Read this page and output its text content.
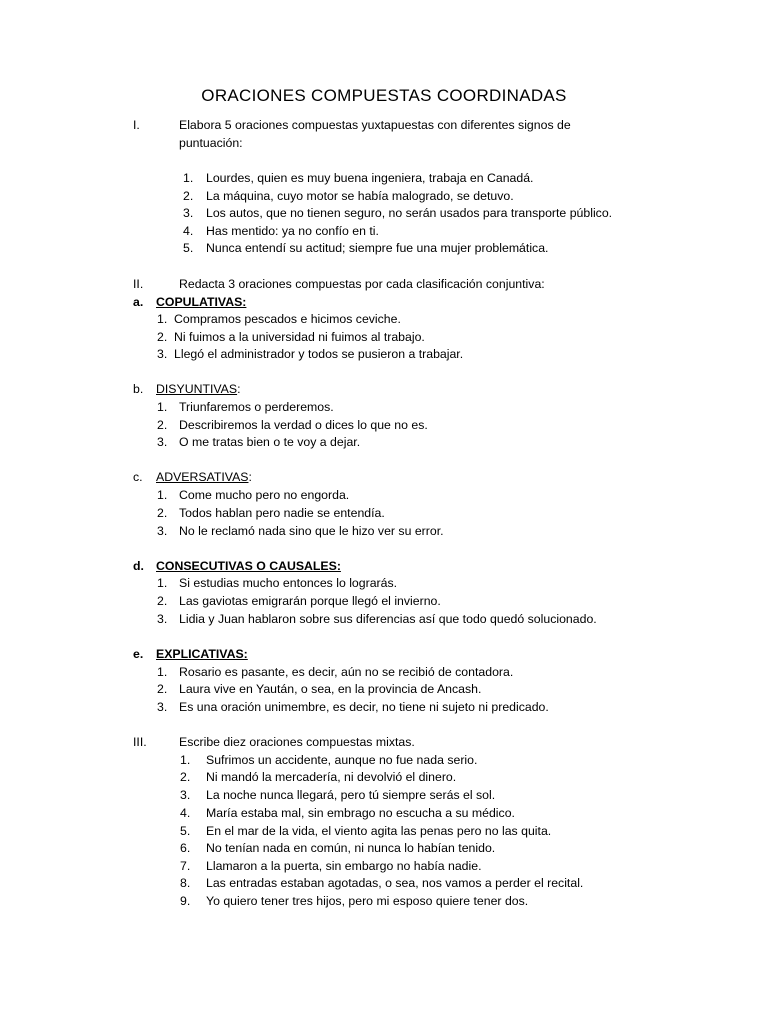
ORACIONES COMPUESTAS COORDINADAS
I.	Elabora 5 oraciones compuestas yuxtapuestas con diferentes signos de
puntuación:
1. Lourdes, quien es muy buena ingeniera, trabaja en Canadá.
2. La máquina, cuyo motor se había malogrado, se detuvo.
3. Los autos, que no tienen seguro, no serán usados para transporte público.
4. Has mentido: ya no confío en ti.
5. Nunca entendí su actitud; siempre fue una mujer problemática.
II.	Redacta 3 oraciones compuestas por cada clasificación conjuntiva:
a. COPULATIVAS:
1. Compramos pescados e hicimos ceviche.
2. Ni fuimos a la universidad ni fuimos al trabajo.
3. Llegó el administrador y todos se pusieron a trabajar.
b. DISYUNTIVAS:
1. Triunfaremos o perderemos.
2. Describiremos la verdad o dices lo que no es.
3. O me tratas bien o te voy a dejar.
c. ADVERSATIVAS:
1. Come mucho pero no engorda.
2. Todos hablan pero nadie se entendía.
3. No le reclamó nada sino que le hizo ver su error.
d. CONSECUTIVAS O CAUSALES:
1. Si estudias mucho entonces lo lograrás.
2. Las gaviotas emigrarán porque llegó el invierno.
3. Lidia y Juan hablaron sobre sus diferencias así que todo quedó solucionado.
e. EXPLICATIVAS:
1. Rosario es pasante, es decir, aún no se recibió de contadora.
2. Laura vive en Yaután, o sea, en la provincia de Ancash.
3. Es una oración unimembre, es decir, no tiene ni sujeto ni predicado.
III.	Escribe diez oraciones compuestas mixtas.
1. Sufrimos un accidente, aunque no fue nada serio.
2. Ni mandó la mercadería, ni devolvió el dinero.
3. La noche nunca llegará, pero tú siempre serás el sol.
4. María estaba mal, sin embrago no escucha a su médico.
5. En el mar de la vida, el viento agita las penas pero no las quita.
6. No tenían nada en común, ni nunca lo habían tenido.
7. Llamaron a la puerta, sin embargo no había nadie.
8. Las entradas estaban agotadas, o sea, nos vamos a perder el recital.
9. Yo quiero tener tres hijos, pero mi esposo quiere tener dos.
